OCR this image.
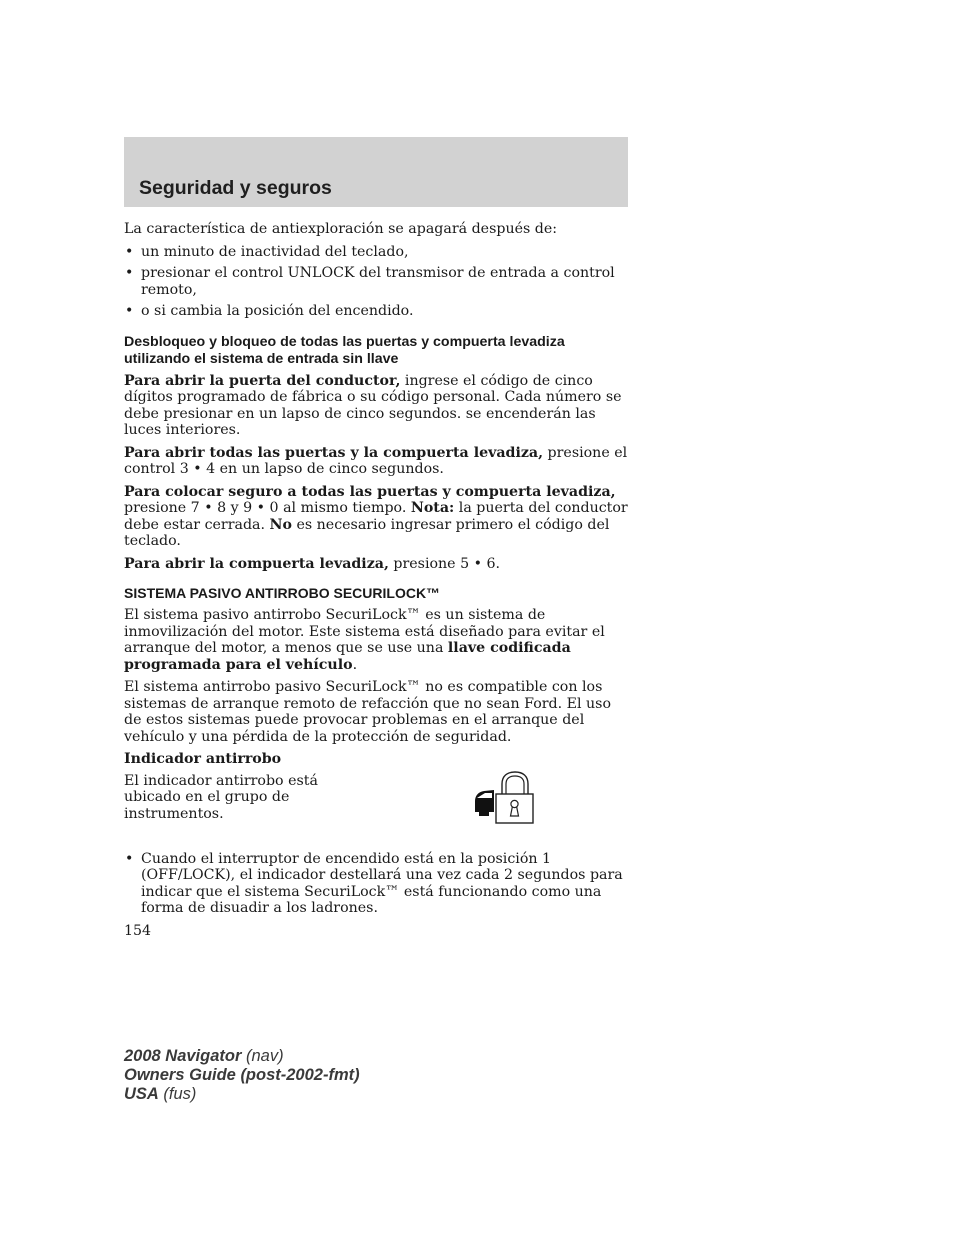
Seguridad y seguros

La característica de antiexploración se apagará después de:

• un minuto de inactividad del teclado,
• presionar el control UNLOCK del transmisor de entrada a control remoto,
• o si cambia la posición del encendido.

Desbloqueo y bloqueo de todas las puertas y compuerta levadiza utilizando el sistema de entrada sin llave

Para abrir la puerta del conductor, ingrese el código de cinco dígitos programado de fábrica o su código personal. Cada número se debe presionar en un lapso de cinco segundos. se encenderán las luces interiores.

Para abrir todas las puertas y la compuerta levadiza, presione el control 3 • 4 en un lapso de cinco segundos.

Para colocar seguro a todas las puertas y compuerta levadiza, presione 7 • 8 y 9 • 0 al mismo tiempo. Nota: la puerta del conductor debe estar cerrada. No es necesario ingresar primero el código del teclado.

Para abrir la compuerta levadiza, presione 5 • 6.

SISTEMA PASIVO ANTIRROBO SECURILOCK™

El sistema pasivo antirrobo SecuriLock™ es un sistema de inmovilización del motor. Este sistema está diseñado para evitar el arranque del motor, a menos que se use una llave codificada programada para el vehículo.

El sistema antirrobo pasivo SecuriLock™ no es compatible con los sistemas de arranque remoto de refacción que no sean Ford. El uso de estos sistemas puede provocar problemas en el arranque del vehículo y una pérdida de la protección de seguridad.

Indicador antirrobo

El indicador antirrobo está ubicado en el grupo de instrumentos.

• Cuando el interruptor de encendido está en la posición 1 (OFF/LOCK), el indicador destellará una vez cada 2 segundos para indicar que el sistema SecuriLock™ está funcionando como una forma de disuadir a los ladrones.

154

2008 Navigator (nav)
Owners Guide (post-2002-fmt)
USA (fus)
